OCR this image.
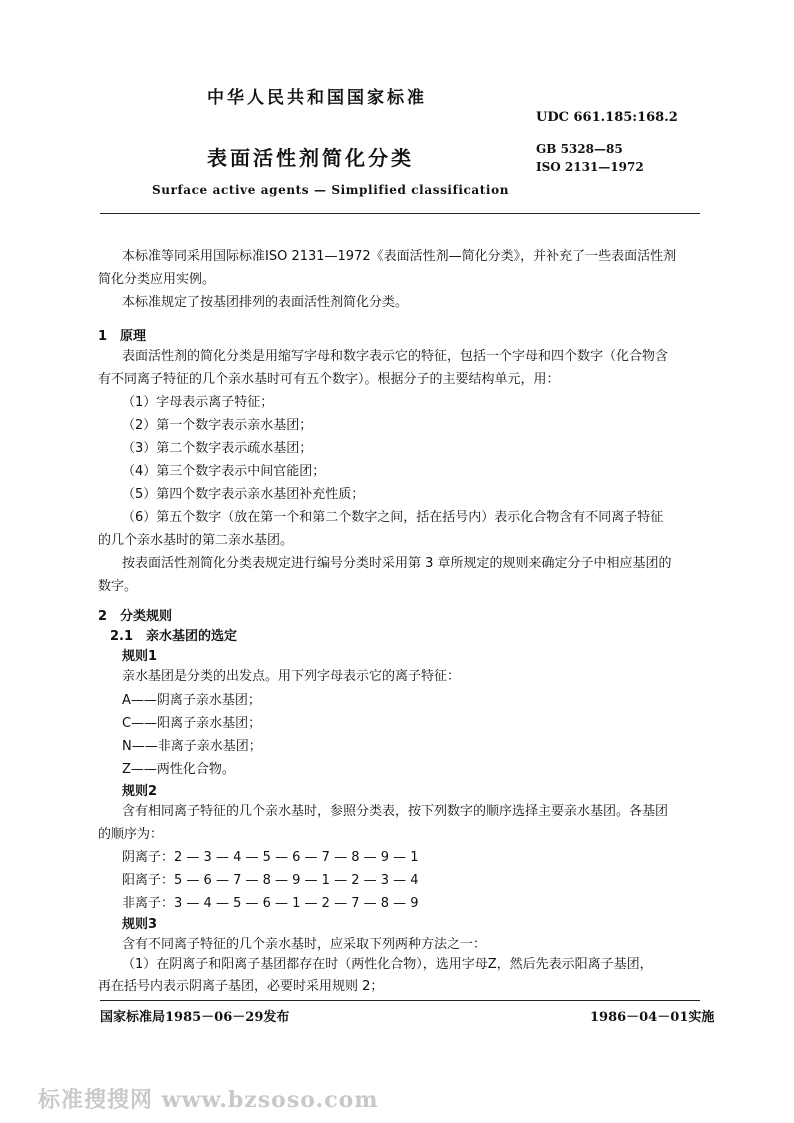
中华人民共和国国家标准
UDC 661.185:168.2
表面活性剂简化分类	GB 5328—85
ISO 2131—1972
Surface active agents — Simplified classification
本标准等同采用国际标准ISO 2131—1972《表面活性剂—简化分类》，并补充了一些表面活性剂
简化分类应用实例。
本标准规定了按基团排列的表面活性剂简化分类。
1　原理
表面活性剂的简化分类是用缩写字母和数字表示它的特征，包括一个字母和四个数字（化合物含
有不同离子特征的几个亲水基时可有五个数字）。根据分子的主要结构单元，用：
（1）字母表示离子特征；
（2）第一个数字表示亲水基团；
（3）第二个数字表示疏水基团；
（4）第三个数字表示中间官能团；
（5）第四个数字表示亲水基团补充性质；
（6）第五个数字（放在第一个和第二个数字之间，括在括号内）表示化合物含有不同离子特征
的几个亲水基时的第二亲水基团。
按表面活性剂简化分类表规定进行编号分类时采用第 3 章所规定的规则来确定分子中相应基团的
数字。
2　分类规则
2.1　亲水基团的选定
规则1
亲水基团是分类的出发点。用下列字母表示它的离子特征：
A——阴离子亲水基团；
C——阳离子亲水基团；
N——非离子亲水基团；
Z——两性化合物。
规则2
含有相同离子特征的几个亲水基时，参照分类表，按下列数字的顺序选择主要亲水基团。各基团
的顺序为：
阴离子：2 — 3 — 4 — 5 — 6 — 7 — 8 — 9 — 1
阳离子：5 — 6 — 7 — 8 — 9 — 1 — 2 — 3 — 4
非离子：3 — 4 — 5 — 6 — 1 — 2 — 7 — 8 — 9
规则3
含有不同离子特征的几个亲水基时，应采取下列两种方法之一：
（1）在阴离子和阳离子基团都存在时（两性化合物），选用字母Z，然后先表示阳离子基团，
再在括号内表示阴离子基团，必要时采用规则 2；
国家标准局1985－06－29发布	1986－04－01实施
标准搜搜网 www.bzsoso.com
